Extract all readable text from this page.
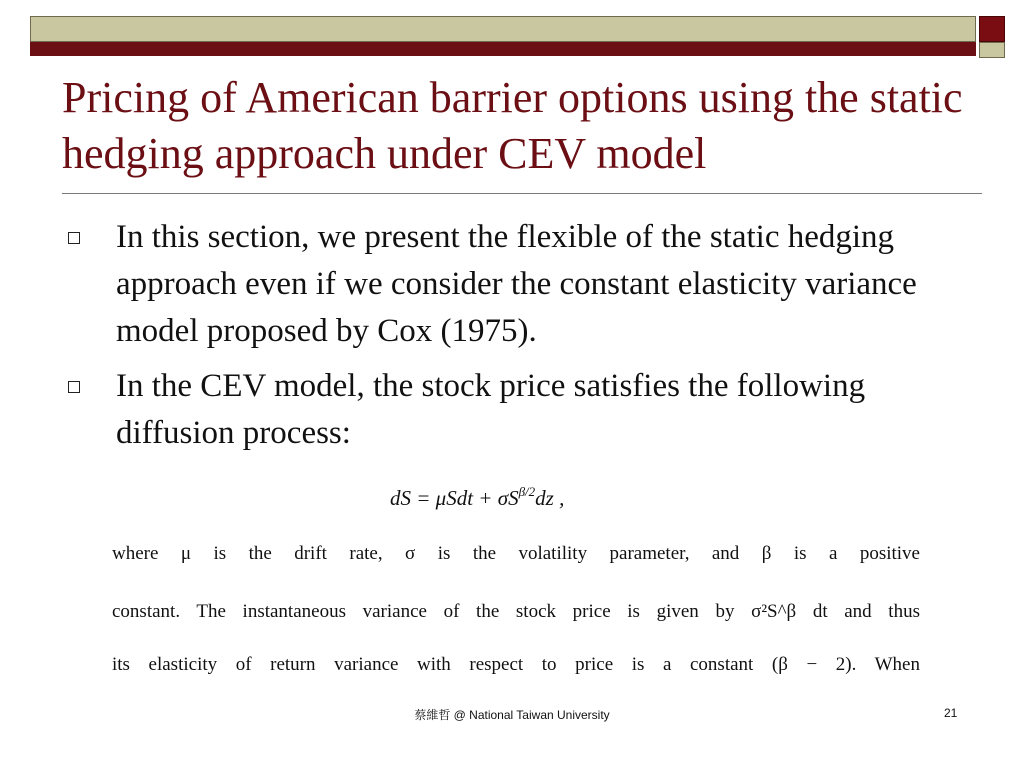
Pricing of American barrier options using the static hedging approach under CEV model
In this section, we present the flexible of the static hedging approach even if we consider the constant elasticity variance model proposed by Cox (1975).
In the CEV model, the stock price satisfies the following diffusion process:
dS = $\mu Sdt + \sigma S^{\beta/2}dz$ ,
where μ is the drift rate, σ is the volatility parameter, and β is a positive
constant. The instantaneous variance of the stock price is given by σ²S^β dt and thus
its elasticity of return variance with respect to price is a constant (β − 2). When
蔡維哲 @ National Taiwan University	21
